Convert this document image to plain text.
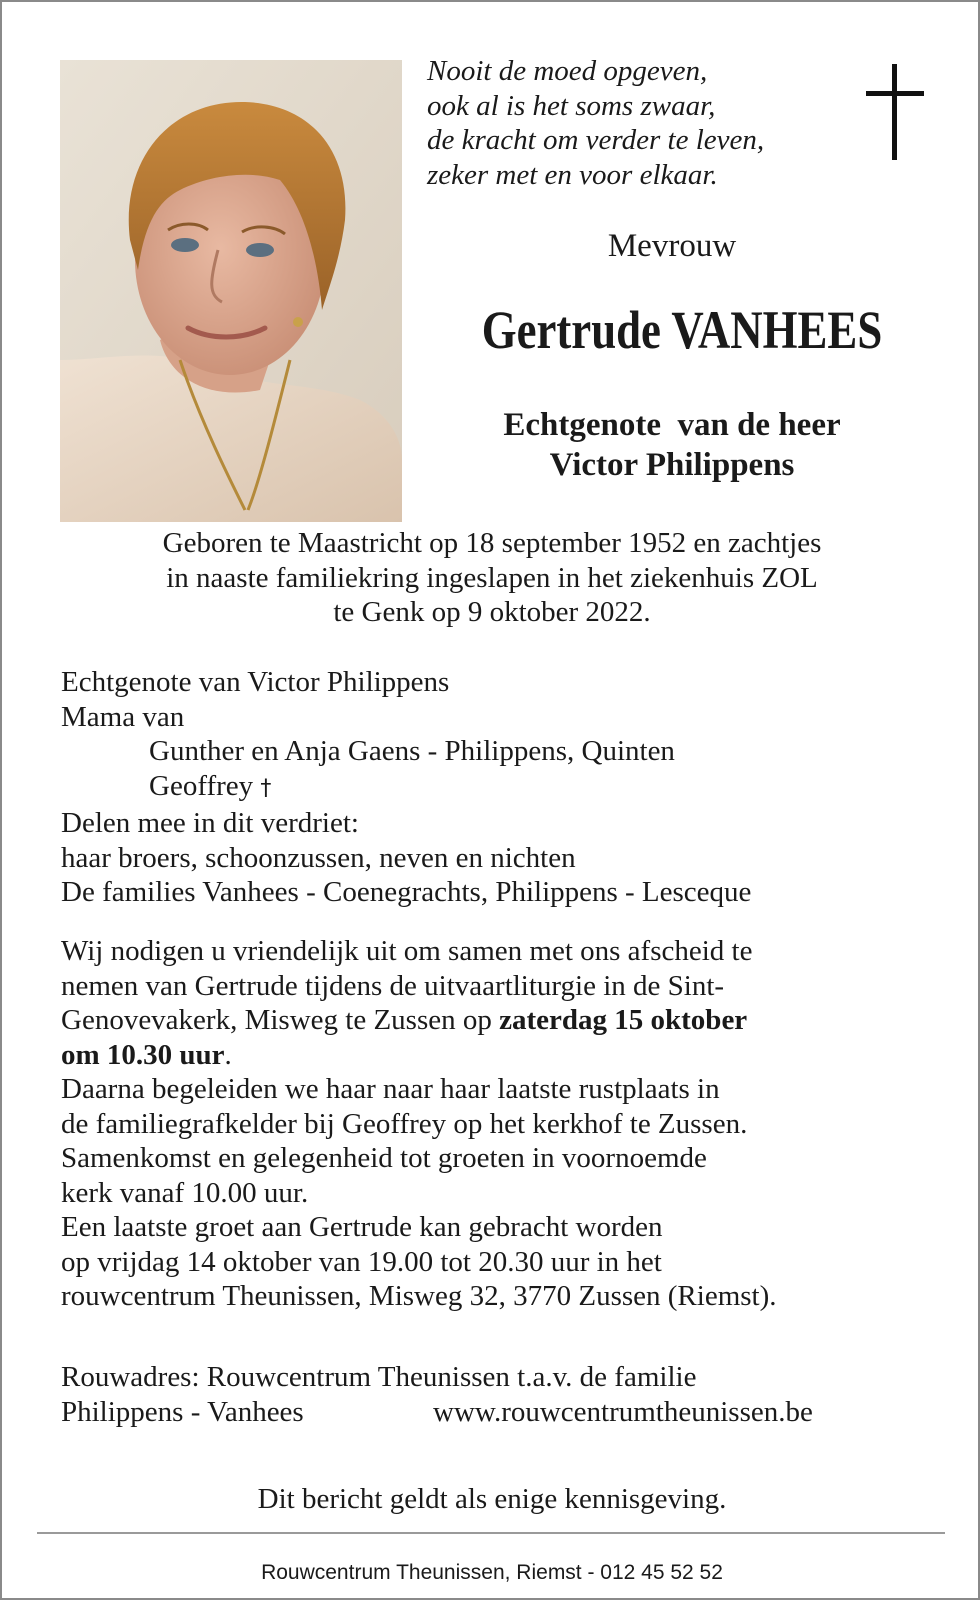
Nooit de moed opgeven,
ook al is het soms zwaar,
de kracht om verder te leven,
zeker met en voor elkaar.
Mevrouw
Gertrude VANHEES
Echtgenote  van de heer
Victor Philippens
Geboren te Maastricht op 18 september 1952 en zachtjes
in naaste familiekring ingeslapen in het ziekenhuis ZOL
te Genk op 9 oktober 2022.
Echtgenote van Victor Philippens
Mama van
Gunther en Anja Gaens - Philippens, Quinten
Geoffrey †
Delen mee in dit verdriet:
haar broers, schoonzussen, neven en nichten
De families Vanhees - Coenegrachts, Philippens - Lesceque
Wij nodigen u vriendelijk uit om samen met ons afscheid te
nemen van Gertrude tijdens de uitvaartliturgie in de Sint-
Genovevakerk, Misweg te Zussen op zaterdag 15 oktober
om 10.30 uur.
Daarna begeleiden we haar naar haar laatste rustplaats in
de familiegrafkelder bij Geoffrey op het kerkhof te Zussen.
Samenkomst en gelegenheid tot groeten in voornoemde
kerk vanaf 10.00 uur.
Een laatste groet aan Gertrude kan gebracht worden
op vrijdag 14 oktober van 19.00 tot 20.30 uur in het
rouwcentrum Theunissen, Misweg 32, 3770 Zussen (Riemst).
Rouwadres: Rouwcentrum Theunissen t.a.v. de familie
Philippens - Vanhees	www.rouwcentrumtheunissen.be
Dit bericht geldt als enige kennisgeving.
Rouwcentrum Theunissen, Riemst - 012 45 52 52
